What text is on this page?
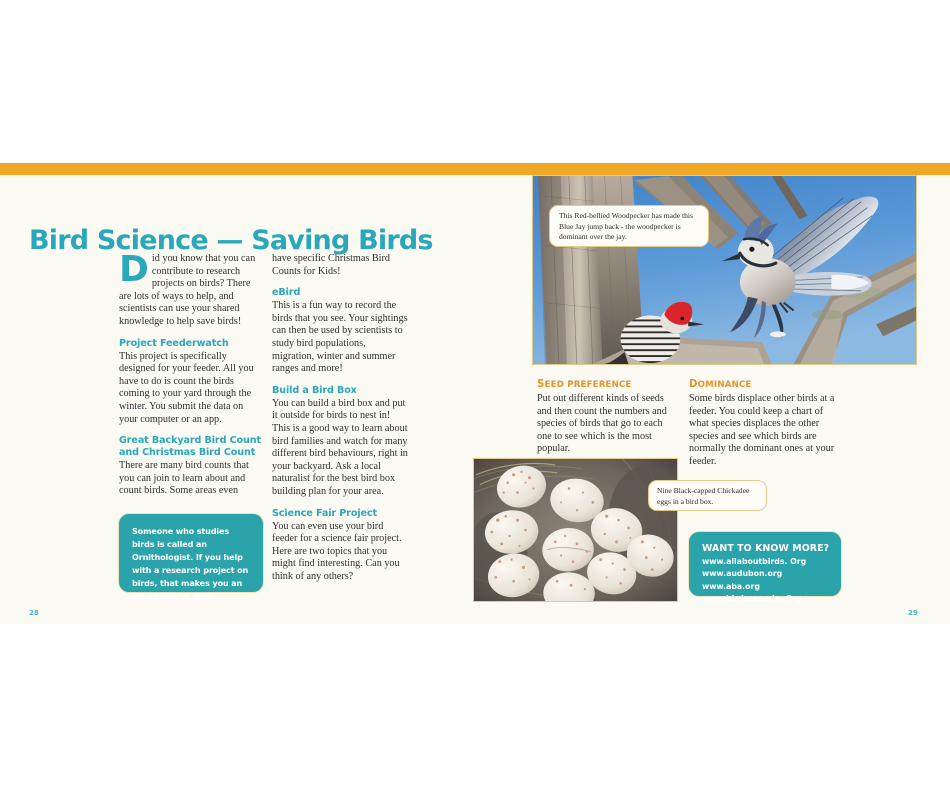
Bird Science — Saving Birds

Did you know that you can contribute to research projects on birds? There are lots of ways to help, and scientists can use your shared knowledge to help save birds!

Project Feederwatch

This project is specifically designed for your feeder. All you have to do is count the birds coming to your yard through the winter. You submit the data on your computer or an app.

Great Backyard Bird Count and Christmas Bird Count

There are many bird counts that you can join to learn about and count birds. Some areas even

have specific Christmas Bird Counts for Kids!

eBird

This is a fun way to record the birds that you see. Your sightings can then be used by scientists to study bird populations, migration, winter and summer ranges and more!

Build a Bird Box

You can build a bird box and put it outside for birds to nest in! This is a good way to learn about bird families and watch for many different bird behaviours, right in your backyard. Ask a local naturalist for the best bird box building plan for your area.

Science Fair Project

You can even use your bird feeder for a science fair project. Here are two topics that you might find interesting. Can you think of any others?

SEED PREFERENCE

Put out different kinds of seeds and then count the numbers and species of birds that go to each one to see which is the most popular.

DOMINANCE

Some birds displace other birds at a feeder. You could keep a chart of what species displaces the other species and see which birds are normally the dominant ones at your feeder.

Someone who studies birds is called an Ornithologist. If you help with a research project on birds, that makes you an ornithologist, too!
WANT TO KNOW MORE?
www.allaboutbirds. Org
www.audubon.org www.aba.org
www.birdscanada. Org
This Red-bellied Woodpecker has made this Blue Jay jump back - the woodpecker is dominant over the jay.
Nine Black-capped Chickadee eggs in a bird box.
28	29
